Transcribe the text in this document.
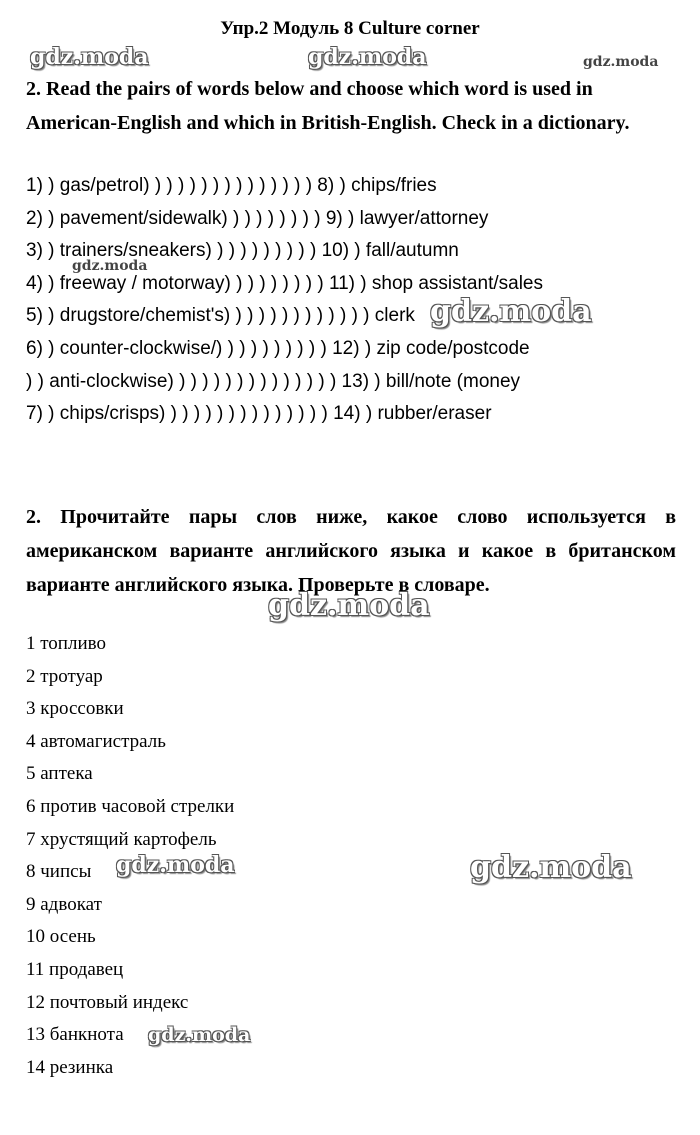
Упр.2 Модуль 8 Culture corner
2. Read the pairs of words below and choose which word is used in American-English and which in British-English. Check in a dictionary.
1) ) gas/petrol) ) ) ) ) ) ) ) ) ) ) ) ) ) ) 8) ) chips/fries
2) ) pavement/sidewalk) ) ) ) ) ) ) ) ) 9) ) lawyer/attorney
3) ) trainers/sneakers) ) ) ) ) ) ) ) ) ) 10) ) fall/autumn
4) ) freeway / motorway) ) ) ) ) ) ) ) ) 11) ) shop assistant/sales
5) ) drugstore/chemist's) ) ) ) ) ) ) ) ) ) ) ) ) clerk
6) ) counter-clockwise/) ) ) ) ) ) ) ) ) ) 12) ) zip code/postcode
) ) anti-clockwise) ) ) ) ) ) ) ) ) ) ) ) ) ) ) 13) ) bill/note (money
7) ) chips/crisps) ) ) ) ) ) ) ) ) ) ) ) ) ) ) 14) ) rubber/eraser
2. Прочитайте пары слов ниже, какое слово используется в американском варианте английского языка и какое в британском варианте английского языка. Проверьте в словаре.
1 топливо
2 тротуар
3 кроссовки
4 автомагистраль
5 аптека
6 против часовой стрелки
7 хрустящий картофель
8 чипсы
9 адвокат
10 осень
11 продавец
12 почтовый индекс
13 банкнота
14 резинка
gdz.moda	gdz.moda	gdz.moda
gdz.moda
gdz.moda
gdz.moda
gdz.moda	gdz.moda
gdz.moda
